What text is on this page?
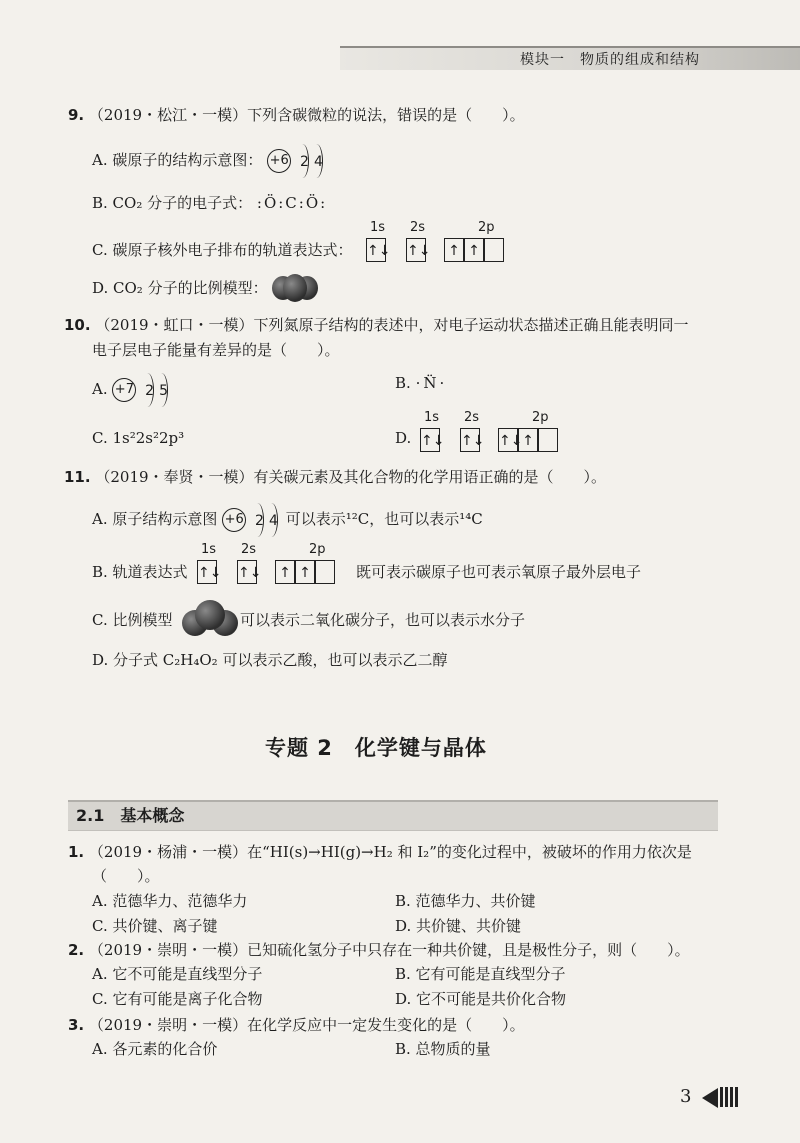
模块一　物质的组成和结构
9. （2019・松江・一模）下列含碳微粒的说法，错误的是（　　）。
A. 碳原子的结构示意图： +6 2 4
B. CO₂ 分子的电子式： :Ö:C:Ö:
C. 碳原子核外电子排布的轨道表达式：
1s 2s	2p
↑↓ ↑↓ ↑ ↑
D. CO₂ 分子的比例模型：
10. （2019・虹口・一模）下列氮原子结构的表述中，对电子运动状态描述正确且能表明同一
电子层电子能量有差异的是（　　）。
A. +7 2 5	B. ·N̈·
C. 1s²2s²2p³	D.
1s 2s	2p
↑↓ ↑↓ ↑↓ ↑
11. （2019・奉贤・一模）有关碳元素及其化合物的化学用语正确的是（　　）。
A. 原子结构示意图 +6 2 4 可以表示¹²C，也可以表示¹⁴C
B. 轨道表达式
1s 2s	2p
↑↓ ↑↓ ↑ ↑	既可表示碳原子也可表示氧原子最外层电子
C. 比例模型	可以表示二氧化碳分子，也可以表示水分子
D. 分子式 C₂H₄O₂ 可以表示乙酸，也可以表示乙二醇
专题 2　化学键与晶体
2.1　基本概念
1. （2019・杨浦・一模）在“HI(s)→HI(g)→H₂ 和 I₂”的变化过程中，被破坏的作用力依次是
（　　）。
A. 范德华力、范德华力	B. 范德华力、共价键
C. 共价键、离子键	D. 共价键、共价键
2. （2019・崇明・一模）已知硫化氢分子中只存在一种共价键，且是极性分子，则（　　）。
A. 它不可能是直线型分子	B. 它有可能是直线型分子
C. 它有可能是离子化合物	D. 它不可能是共价化合物
3. （2019・崇明・一模）在化学反应中一定发生变化的是（　　）。
A. 各元素的化合价	B. 总物质的量
3
